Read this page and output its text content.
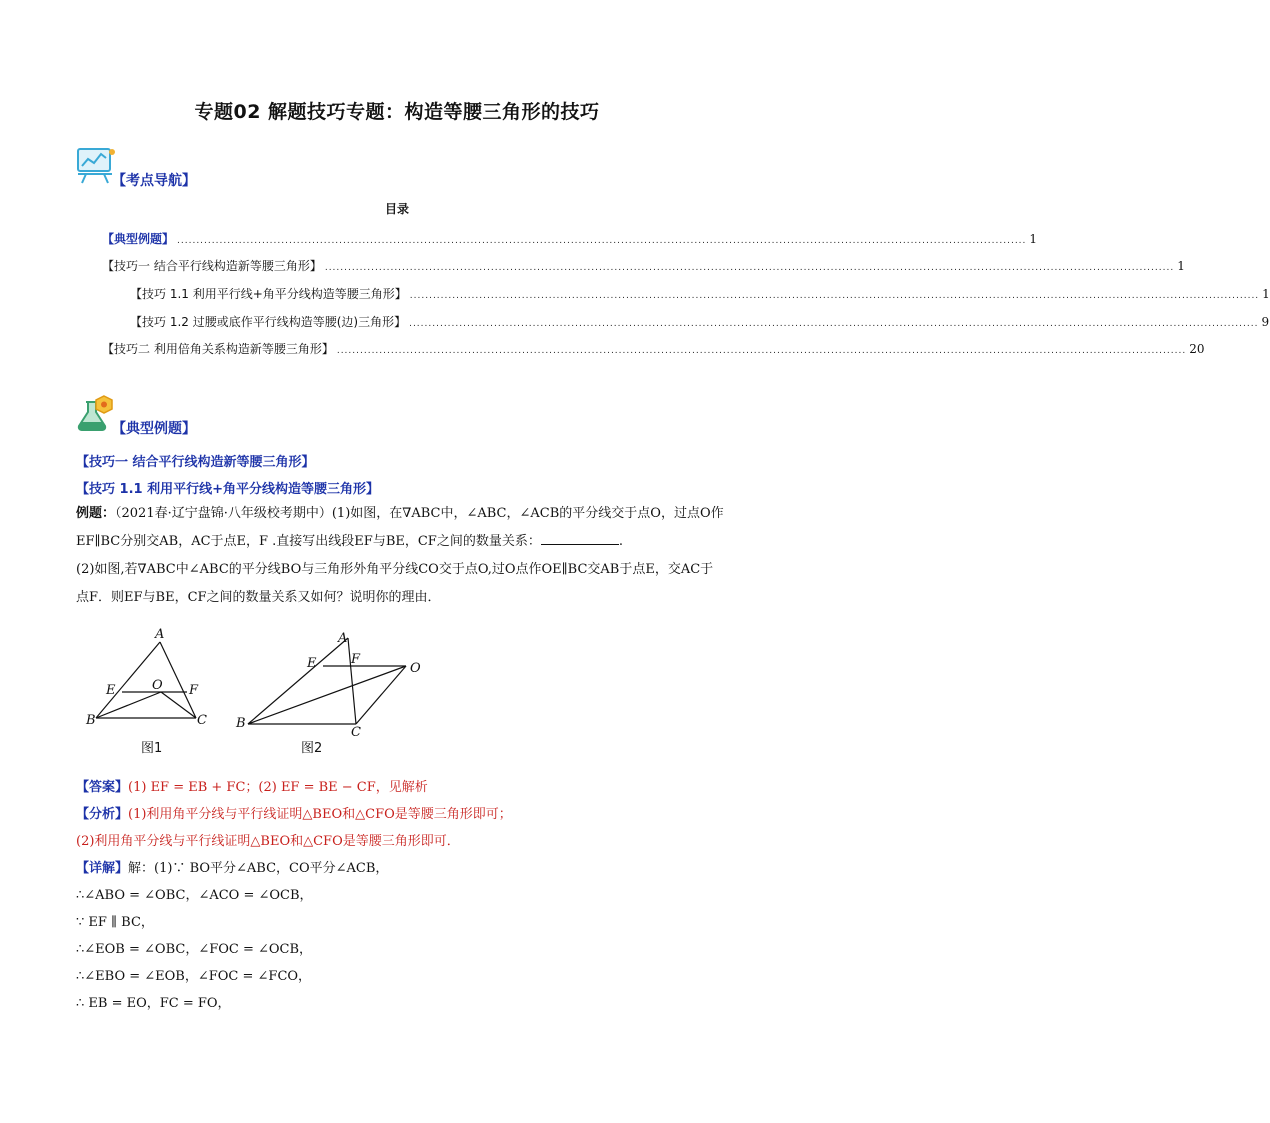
专题02 解题技巧专题：构造等腰三角形的技巧
【考点导航】
目录
【典型例题】 ............................................................................................................................................................................................................................ 1
【技巧一 结合平行线构造新等腰三角形】 ............................................................................................................................................................................................................................ 1
【技巧 1.1 利用平行线+角平分线构造等腰三角形】 ............................................................................................................................................................................................................................ 1
【技巧 1.2 过腰或底作平行线构造等腰(边)三角形】 ............................................................................................................................................................................................................................ 9
【技巧二 利用倍角关系构造新等腰三角形】 ............................................................................................................................................................................................................................ 20
【典型例题】
【技巧一 结合平行线构造新等腰三角形】
【技巧 1.1 利用平行线+角平分线构造等腰三角形】
例题：（2021春·辽宁盘锦·八年级校考期中）(1)如图，在∇ABC中，∠ABC，∠ACB的平分线交于点O，过点O作EF∥BC分别交AB，AC于点E，F .直接写出线段EF与BE，CF之间的数量关系：	.
(2)如图,若∇ABC中∠ABC的平分线BO与三角形外角平分线CO交于点O,过O点作OE∥BC交AB于点E，交AC于点F．则EF与BE，CF之间的数量关系又如何？说明你的理由．
A
E	O F
B	C
图1
A
E	F
O
B
C
图2
【答案】(1) EF = EB + FC；(2) EF = BE − CF，见解析
【分析】(1)利用角平分线与平行线证明△BEO和△CFO是等腰三角形即可；
(2)利用角平分线与平行线证明△BEO和△CFO是等腰三角形即可．
【详解】解：(1)∵ BO平分∠ABC，CO平分∠ACB，
∴∠ABO = ∠OBC，∠ACO = ∠OCB，
∵ EF ∥ BC，
∴∠EOB = ∠OBC，∠FOC = ∠OCB，
∴∠EBO = ∠EOB，∠FOC = ∠FCO，
∴ EB = EO，FC = FO，
